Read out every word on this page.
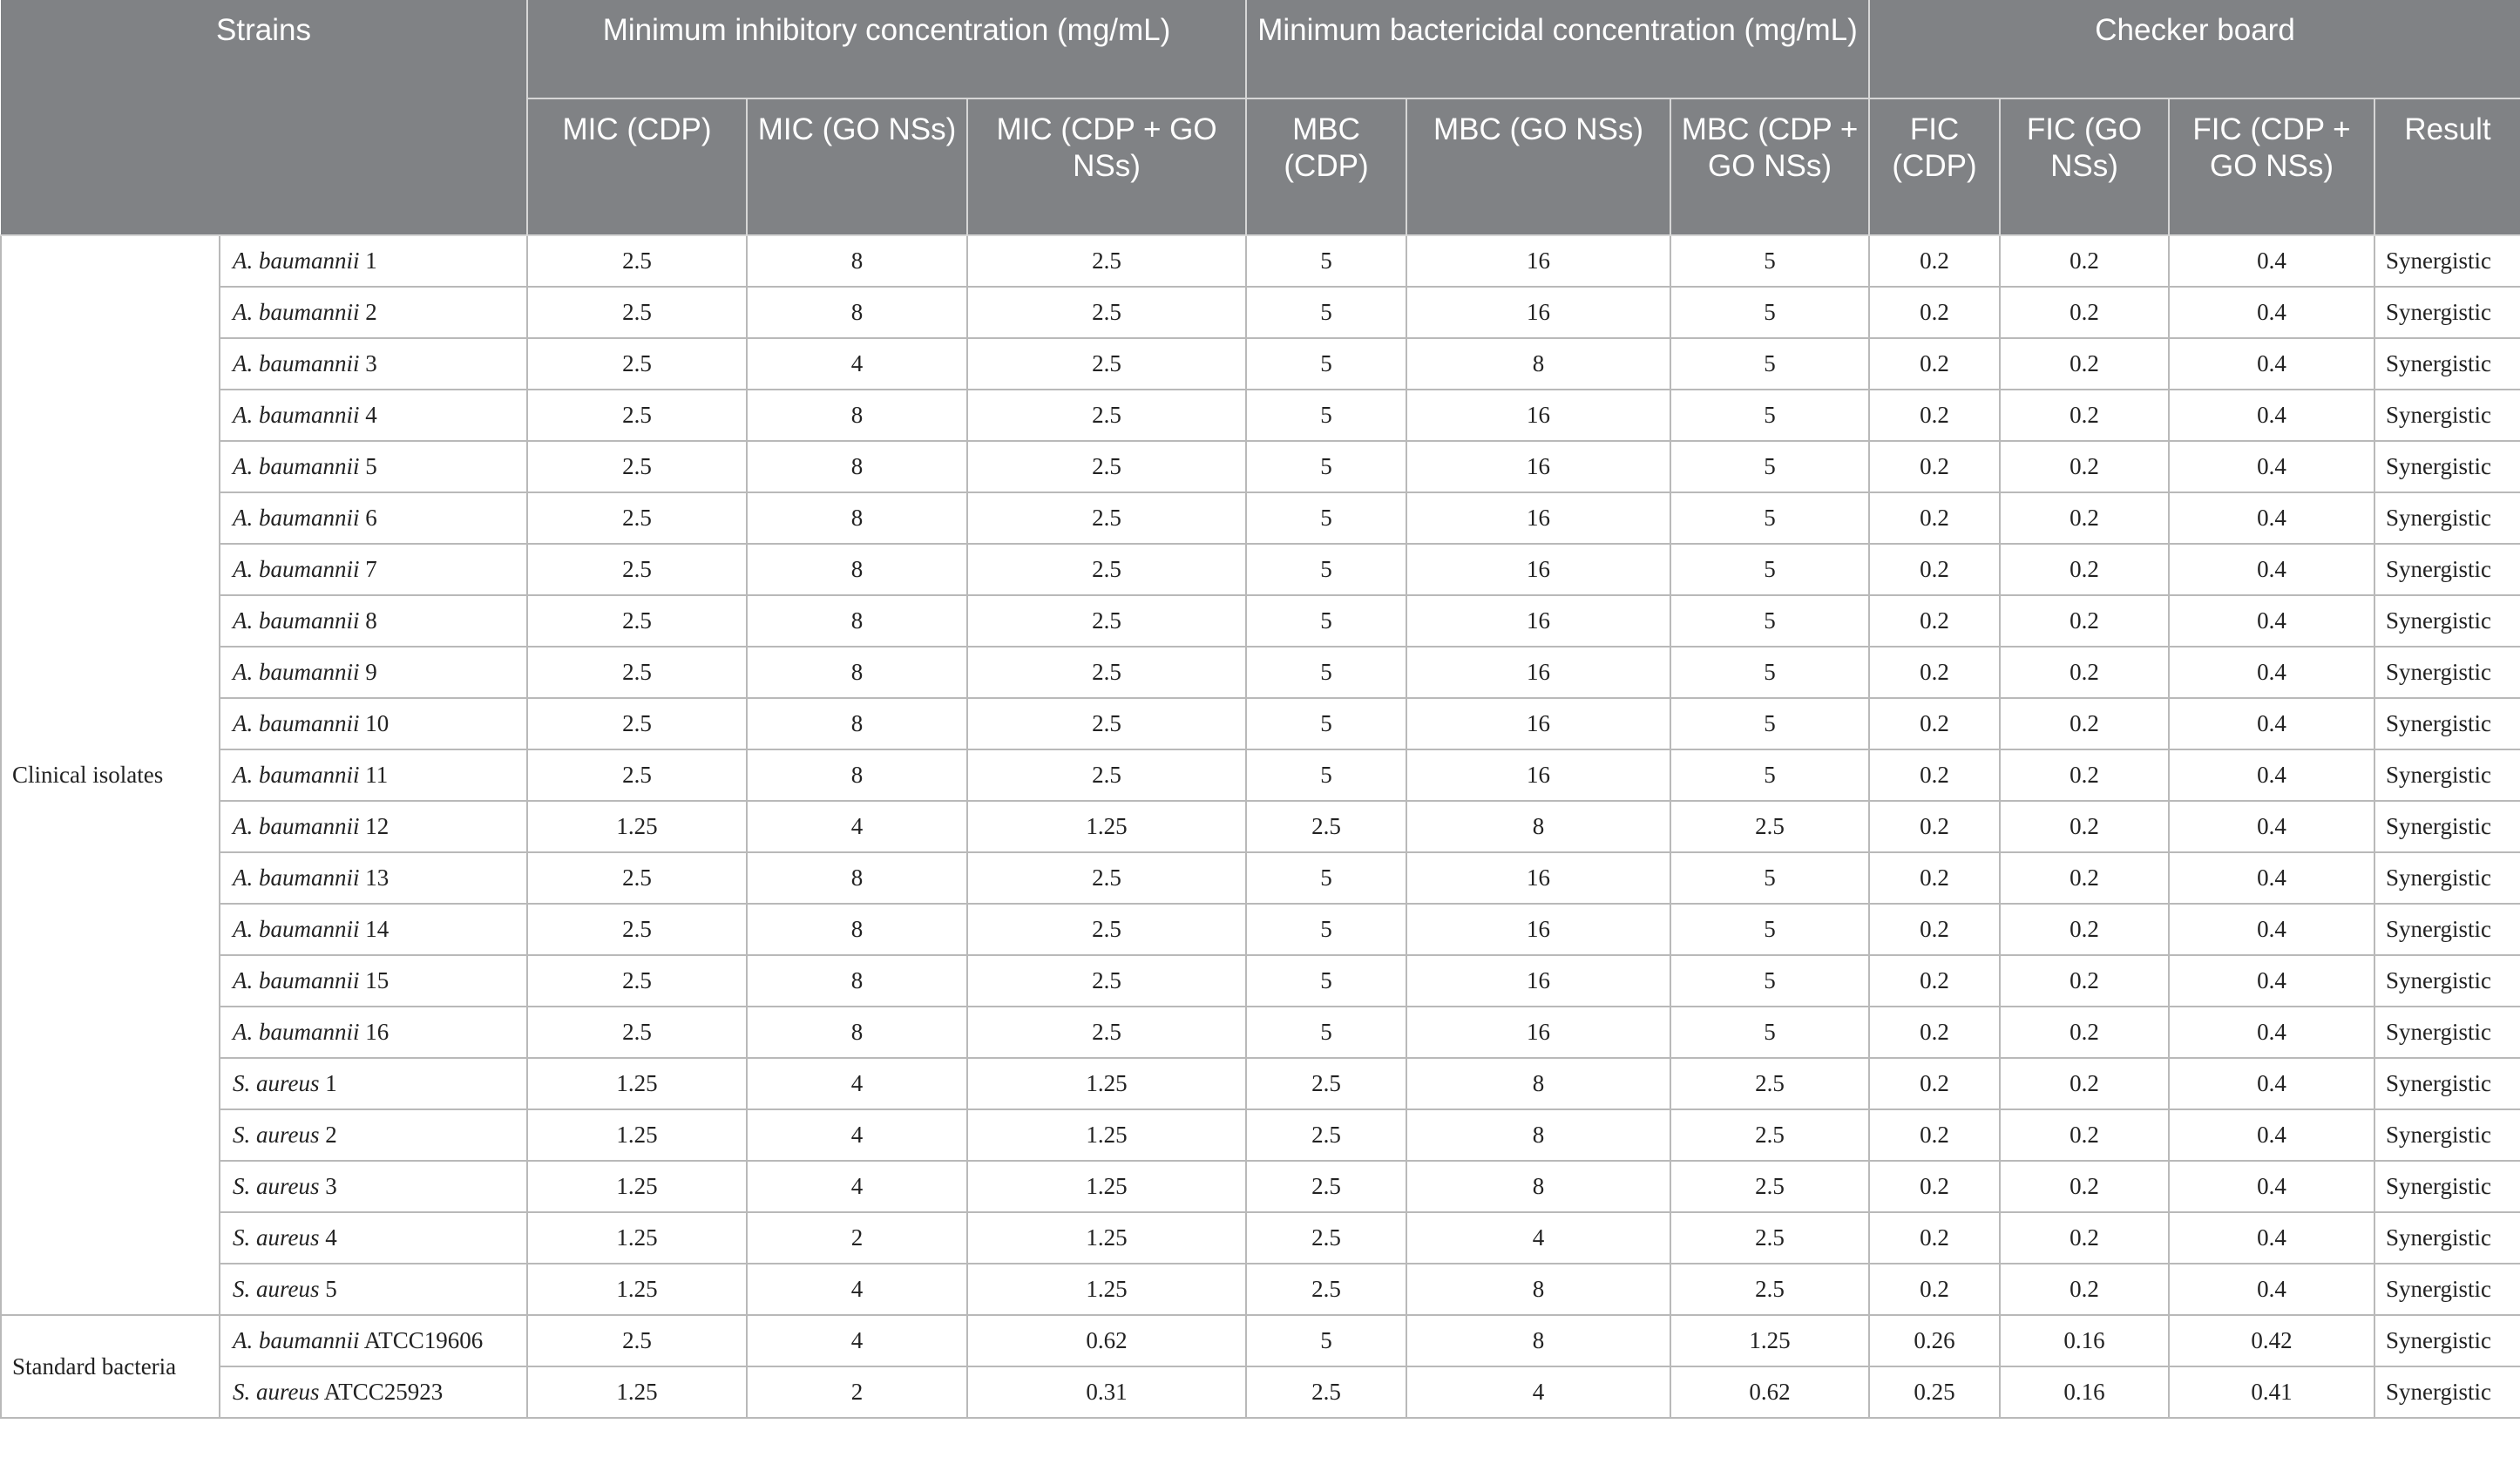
Strains		Minimum inhibitory concentration (mg/mL)			Minimum bactericidal concentration (mg/mL)			Checker board			
		MIC (CDP)	MIC (GO NSs)	MIC (CDP + GO NSs)	MBC (CDP)	MBC (GO NSs)	MBC (CDP + GO NSs)	FIC (CDP)	FIC (GO NSs)	FIC (CDP + GO NSs)	Result
Clinical isolates	A. baumannii 1	2.5	8	2.5	5	16	5	0.2	0.2	0.4	Synergistic
	A. baumannii 2	2.5	8	2.5	5	16	5	0.2	0.2	0.4	Synergistic
	A. baumannii 3	2.5	4	2.5	5	8	5	0.2	0.2	0.4	Synergistic
	A. baumannii 4	2.5	8	2.5	5	16	5	0.2	0.2	0.4	Synergistic
	A. baumannii 5	2.5	8	2.5	5	16	5	0.2	0.2	0.4	Synergistic
	A. baumannii 6	2.5	8	2.5	5	16	5	0.2	0.2	0.4	Synergistic
	A. baumannii 7	2.5	8	2.5	5	16	5	0.2	0.2	0.4	Synergistic
	A. baumannii 8	2.5	8	2.5	5	16	5	0.2	0.2	0.4	Synergistic
	A. baumannii 9	2.5	8	2.5	5	16	5	0.2	0.2	0.4	Synergistic
	A. baumannii 10	2.5	8	2.5	5	16	5	0.2	0.2	0.4	Synergistic
	A. baumannii 11	2.5	8	2.5	5	16	5	0.2	0.2	0.4	Synergistic
	A. baumannii 12	1.25	4	1.25	2.5	8	2.5	0.2	0.2	0.4	Synergistic
	A. baumannii 13	2.5	8	2.5	5	16	5	0.2	0.2	0.4	Synergistic
	A. baumannii 14	2.5	8	2.5	5	16	5	0.2	0.2	0.4	Synergistic
	A. baumannii 15	2.5	8	2.5	5	16	5	0.2	0.2	0.4	Synergistic
	A. baumannii 16	2.5	8	2.5	5	16	5	0.2	0.2	0.4	Synergistic
	S. aureus 1	1.25	4	1.25	2.5	8	2.5	0.2	0.2	0.4	Synergistic
	S. aureus 2	1.25	4	1.25	2.5	8	2.5	0.2	0.2	0.4	Synergistic
	S. aureus 3	1.25	4	1.25	2.5	8	2.5	0.2	0.2	0.4	Synergistic
	S. aureus 4	1.25	2	1.25	2.5	4	2.5	0.2	0.2	0.4	Synergistic
	S. aureus 5	1.25	4	1.25	2.5	8	2.5	0.2	0.2	0.4	Synergistic
Standard bacteria	A. baumannii ATCC19606	2.5	4	0.62	5	8	1.25	0.26	0.16	0.42	Synergistic
	S. aureus ATCC25923	1.25	2	0.31	2.5	4	0.62	0.25	0.16	0.41	Synergistic
